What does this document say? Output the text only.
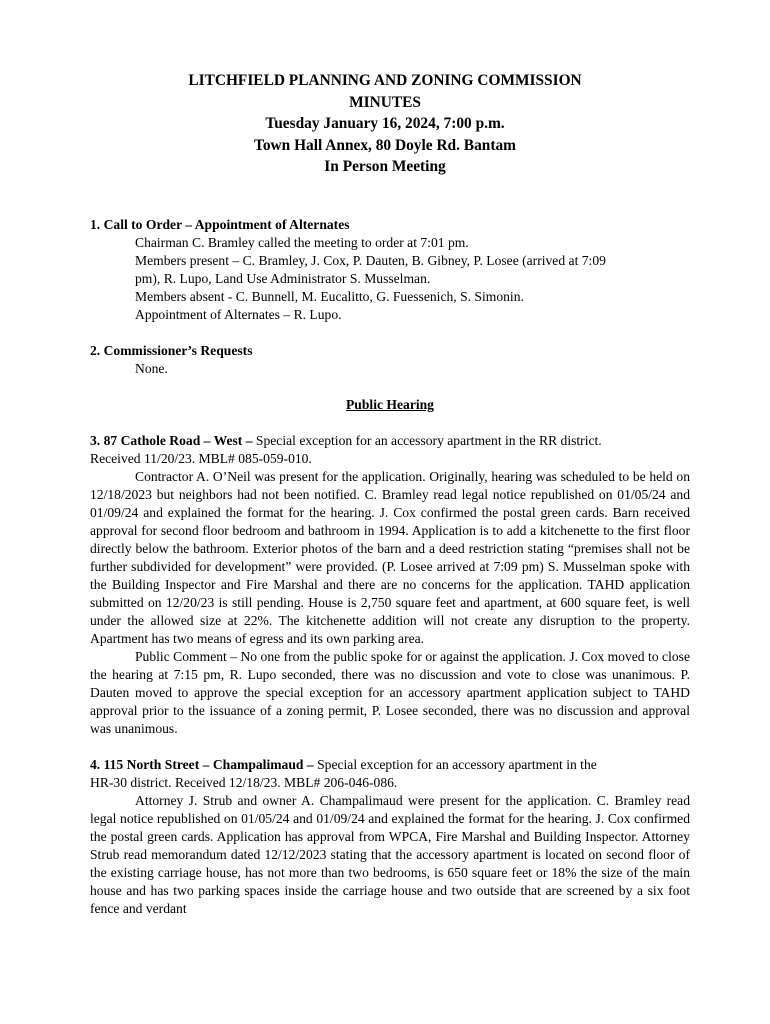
LITCHFIELD PLANNING AND ZONING COMMISSION
MINUTES
Tuesday January 16, 2024, 7:00 p.m.
Town Hall Annex, 80 Doyle Rd. Bantam
In Person Meeting
1. Call to Order – Appointment of Alternates
Chairman C. Bramley called the meeting to order at 7:01 pm.
Members present – C. Bramley, J. Cox, P. Dauten, B. Gibney, P. Losee (arrived at 7:09
pm), R. Lupo, Land Use Administrator S. Musselman.
Members absent - C. Bunnell, M. Eucalitto, G. Fuessenich, S. Simonin.
Appointment of Alternates – R. Lupo.
2. Commissioner’s Requests
None.
Public Hearing
3. 87 Cathole Road – West – Special exception for an accessory apartment in the RR district.
Received 11/20/23. MBL# 085-059-010.
Contractor A. O’Neil was present for the application. Originally, hearing was scheduled to be held on 12/18/2023 but neighbors had not been notified. C. Bramley read legal notice republished on 01/05/24 and 01/09/24 and explained the format for the hearing. J. Cox confirmed the postal green cards. Barn received approval for second floor bedroom and bathroom in 1994. Application is to add a kitchenette to the first floor directly below the bathroom. Exterior photos of the barn and a deed restriction stating “premises shall not be further subdivided for development” were provided. (P. Losee arrived at 7:09 pm) S. Musselman spoke with the Building Inspector and Fire Marshal and there are no concerns for the application. TAHD application submitted on 12/20/23 is still pending. House is 2,750 square feet and apartment, at 600 square feet, is well under the allowed size at 22%. The kitchenette addition will not create any disruption to the property. Apartment has two means of egress and its own parking area.
Public Comment – No one from the public spoke for or against the application. J. Cox moved to close the hearing at 7:15 pm, R. Lupo seconded, there was no discussion and vote to close was unanimous. P. Dauten moved to approve the special exception for an accessory apartment application subject to TAHD approval prior to the issuance of a zoning permit, P. Losee seconded, there was no discussion and approval was unanimous.
4. 115 North Street – Champalimaud – Special exception for an accessory apartment in the
HR-30 district. Received 12/18/23. MBL# 206-046-086.
Attorney J. Strub and owner A. Champalimaud were present for the application. C. Bramley read legal notice republished on 01/05/24 and 01/09/24 and explained the format for the hearing. J. Cox confirmed the postal green cards. Application has approval from WPCA, Fire Marshal and Building Inspector. Attorney Strub read memorandum dated 12/12/2023 stating that the accessory apartment is located on second floor of the existing carriage house, has not more than two bedrooms, is 650 square feet or 18% the size of the main house and has two parking spaces inside the carriage house and two outside that are screened by a six foot fence and verdant
